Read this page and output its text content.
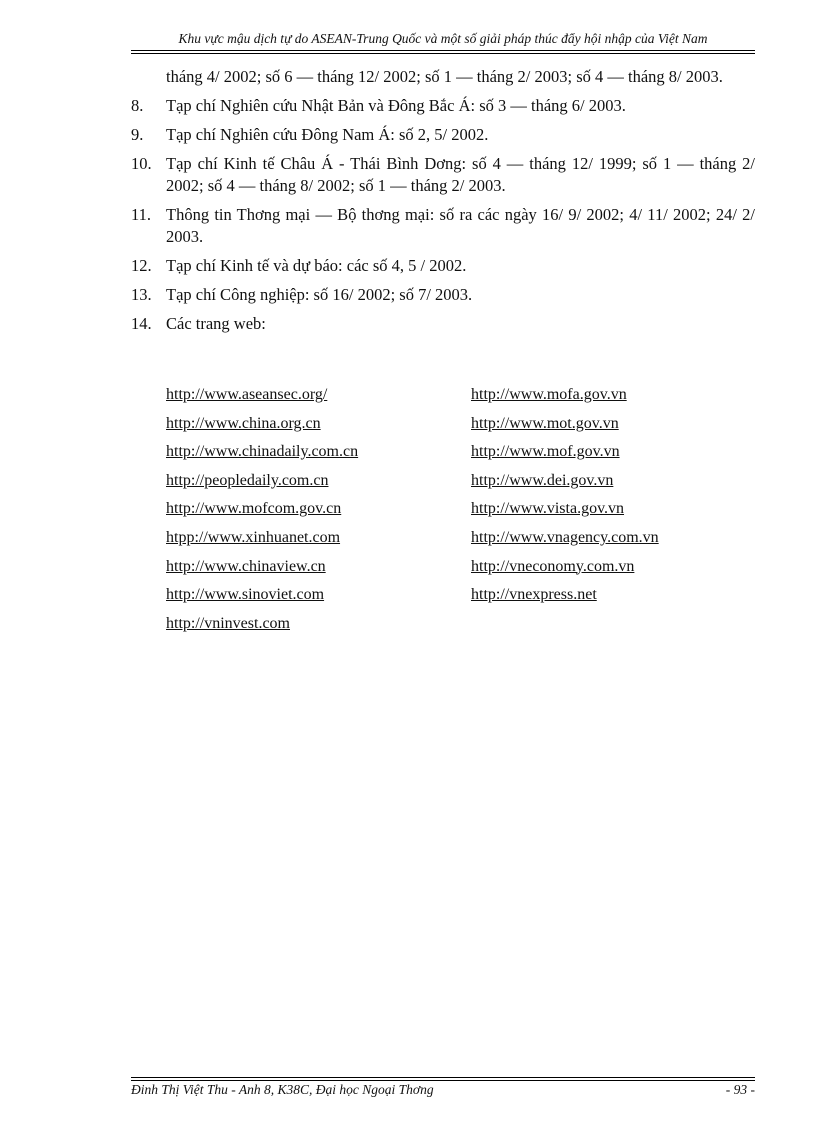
Khu vực mậu dịch tự do ASEAN-Trung Quốc và một số giải pháp thúc đẩy hội nhập của Việt Nam
tháng 4/ 2002; số 6 — tháng 12/ 2002; số 1 — tháng 2/ 2003; số 4 — tháng 8/ 2003.
8.	Tạp chí Nghiên cứu Nhật Bản và Đông Bắc Á: số 3 — tháng 6/ 2003.
9.	Tạp chí Nghiên cứu Đông Nam Á: số 2, 5/ 2002.
10. Tạp chí Kinh tế Châu Á - Thái Bình Dơng: số 4 — tháng 12/ 1999; số 1 — tháng 2/ 2002; số 4 — tháng 8/ 2002; số 1 — tháng 2/ 2003.
11. Thông tin Thơng mại — Bộ thơng mại: số ra các ngày 16/ 9/ 2002; 4/ 11/ 2002; 24/ 2/ 2003.
12. Tạp chí Kinh tế và dự báo: các số 4, 5 / 2002.
13. Tạp chí Công nghiệp: số 16/ 2002; số 7/ 2003.
14. Các trang web:
http://www.aseansec.org/
http://www.china.org.cn
http://www.chinadaily.com.cn
http://peopledaily.com.cn
http://www.mofcom.gov.cn
htpp://www.xinhuanet.com
http://www.chinaview.cn
http://www.sinoviet.com
http://vninvest.com
http://www.mofa.gov.vn
http://www.mot.gov.vn
http://www.mof.gov.vn
http://www.dei.gov.vn
http://www.vista.gov.vn
http://www.vnagency.com.vn
http://vneconomy.com.vn
http://vnexpress.net
Đinh Thị Việt Thu - Anh 8, K38C, Đại học Ngoại Thơng	- 93 -
